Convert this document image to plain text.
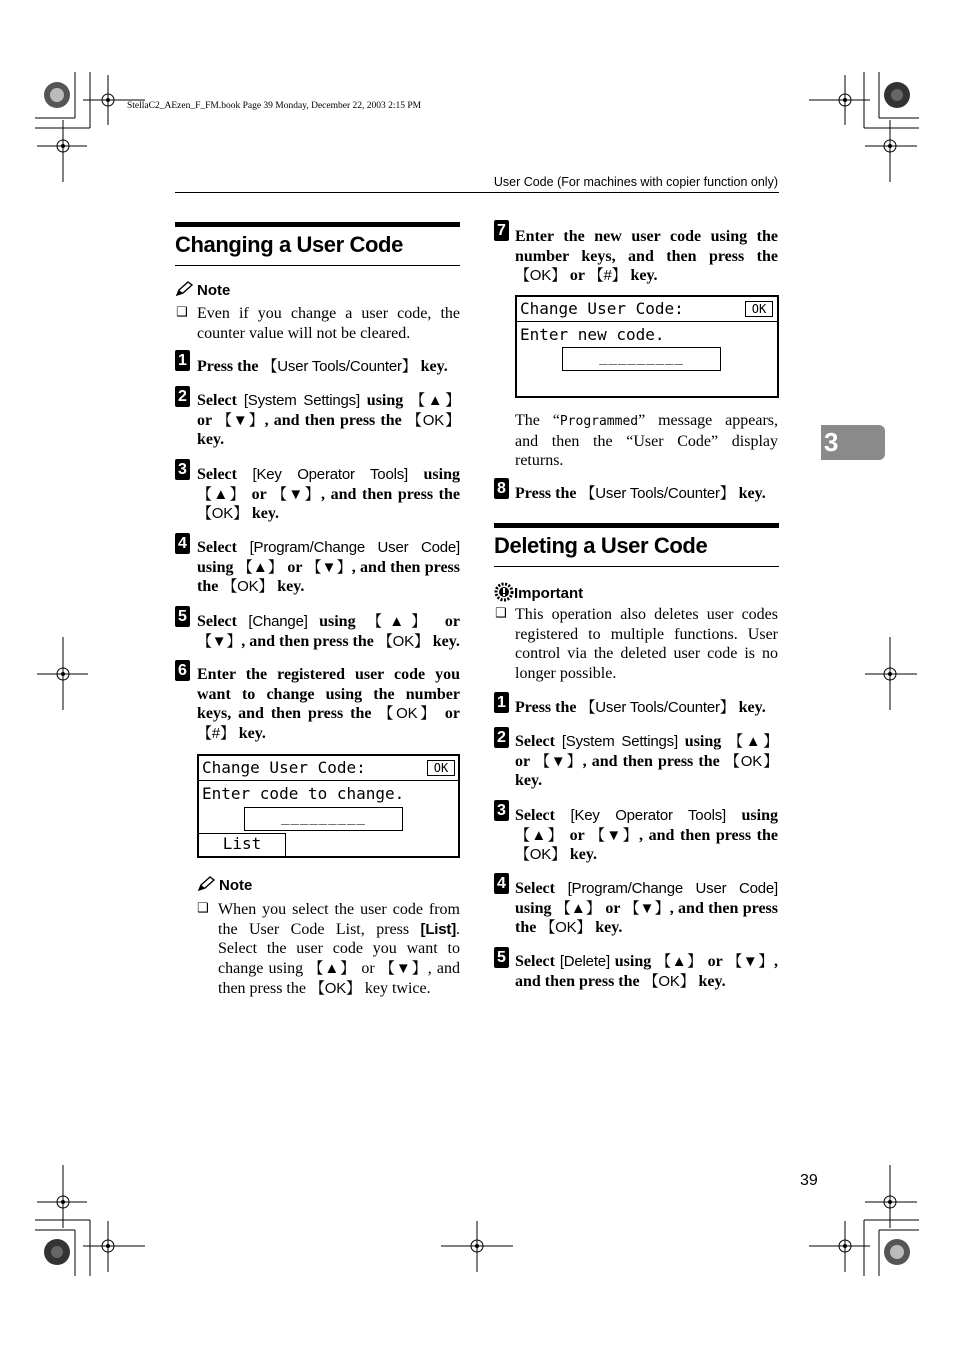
StellaC2_AEzen_F_FM.book Page 39 Monday, December 22, 2003 2:15 PM
User Code (For machines with copier function only)
3
Changing a User Code
Note
❑ Even if you change a user code, the counter value will not be cleared.
1 Press the 【User Tools/Counter】 key.
2 Select [System Settings] using 【▲】 or 【▼】, and then press the 【OK】 key.
3 Select [Key Operator Tools] using 【▲】 or 【▼】, and then press the 【OK】 key.
4 Select [Program/Change User Code] using 【▲】 or 【▼】, and then press the 【OK】 key.
5 Select [Change] using 【▲】 or 【▼】, and then press the 【OK】 key.
6 Enter the registered user code you want to change using the number keys, and then press the 【OK】 or 【#】 key.
Change User Code:	OK
Enter code to change.
_________
List
Note
❑ When you select the user code from the User Code List, press [List]. Select the user code you want to change using 【▲】 or 【▼】, and then press the 【OK】 key twice.
7 Enter the new user code using the number keys, and then press the 【OK】 or 【#】 key.
Change User Code:	OK
Enter new code.
_________
The “Programmed” message appears, and then the “User Code” display returns.
8 Press the 【User Tools/Counter】 key.
Deleting a User Code
Important
❑ This operation also deletes user codes registered to multiple functions. User control via the deleted user code is no longer possible.
1 Press the 【User Tools/Counter】 key.
2 Select [System Settings] using 【▲】 or 【▼】, and then press the 【OK】 key.
3 Select [Key Operator Tools] using 【▲】 or 【▼】, and then press the 【OK】 key.
4 Select [Program/Change User Code] using 【▲】 or 【▼】, and then press the 【OK】 key.
5 Select [Delete] using 【▲】 or 【▼】, and then press the 【OK】 key.
39
